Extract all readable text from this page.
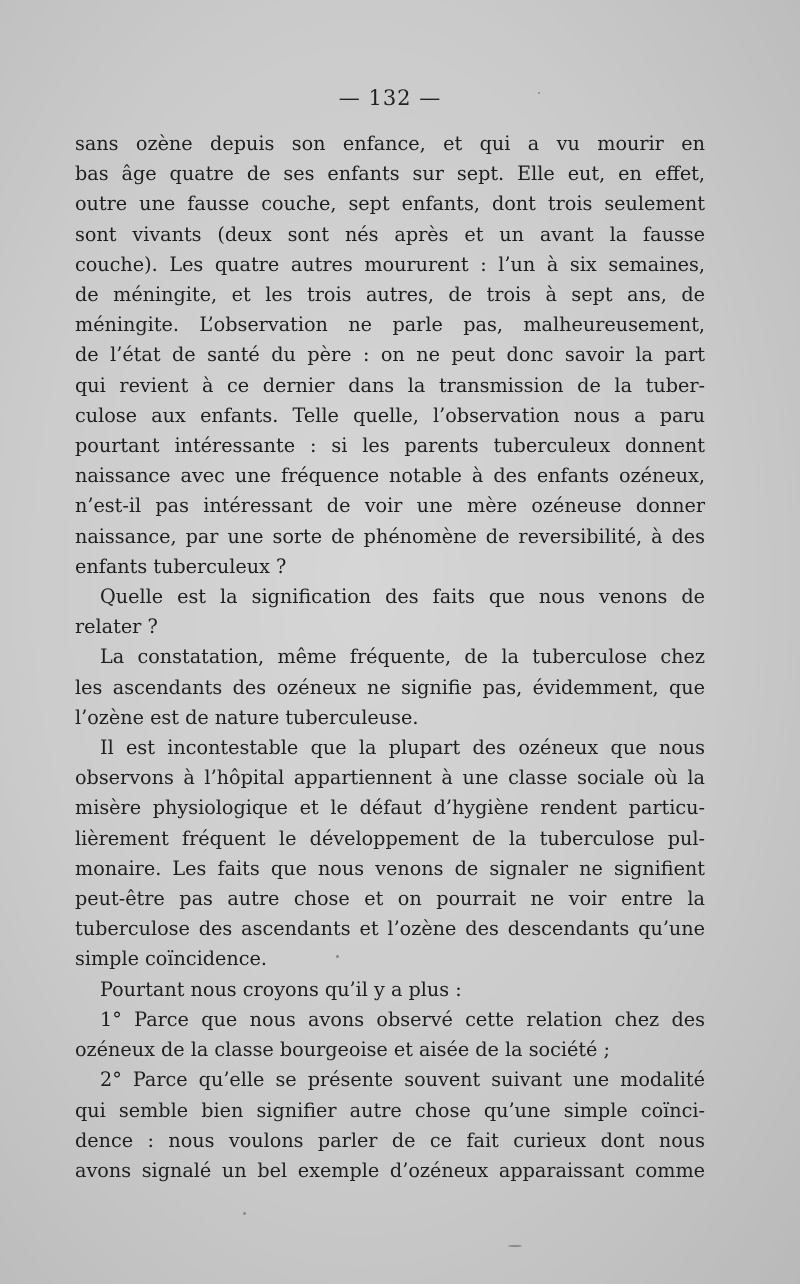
— 132 —
sans ozène depuis son enfance, et qui a vu mourir en
bas âge quatre de ses enfants sur sept. Elle eut, en effet,
outre une fausse couche, sept enfants, dont trois seulement
sont vivants (deux sont nés après et un avant la fausse
couche). Les quatre autres moururent : l’un à six semaines,
de méningite, et les trois autres, de trois à sept ans, de
méningite. L’observation ne parle pas, malheureusement,
de l’état de santé du père : on ne peut donc savoir la part
qui revient à ce dernier dans la transmission de la tuber-
culose aux enfants. Telle quelle, l’observation nous a paru
pourtant intéressante : si les parents tuberculeux donnent
naissance avec une fréquence notable à des enfants ozéneux,
n’est-il pas intéressant de voir une mère ozéneuse donner
naissance, par une sorte de phénomène de reversibilité, à des
enfants tuberculeux ?
Quelle est la signification des faits que nous venons de
relater ?
La constatation, même fréquente, de la tuberculose chez
les ascendants des ozéneux ne signifie pas, évidemment, que
l’ozène est de nature tuberculeuse.
Il est incontestable que la plupart des ozéneux que nous
observons à l’hôpital appartiennent à une classe sociale où la
misère physiologique et le défaut d’hygiène rendent particu-
lièrement fréquent le développement de la tuberculose pul-
monaire. Les faits que nous venons de signaler ne signifient
peut-être pas autre chose et on pourrait ne voir entre la
tuberculose des ascendants et l’ozène des descendants qu’une
simple coïncidence.
Pourtant nous croyons qu’il y a plus :
1° Parce que nous avons observé cette relation chez des
ozéneux de la classe bourgeoise et aisée de la société ;
2° Parce qu’elle se présente souvent suivant une modalité
qui semble bien signifier autre chose qu’une simple coïnci-
dence : nous voulons parler de ce fait curieux dont nous
avons signalé un bel exemple d’ozéneux apparaissant comme
